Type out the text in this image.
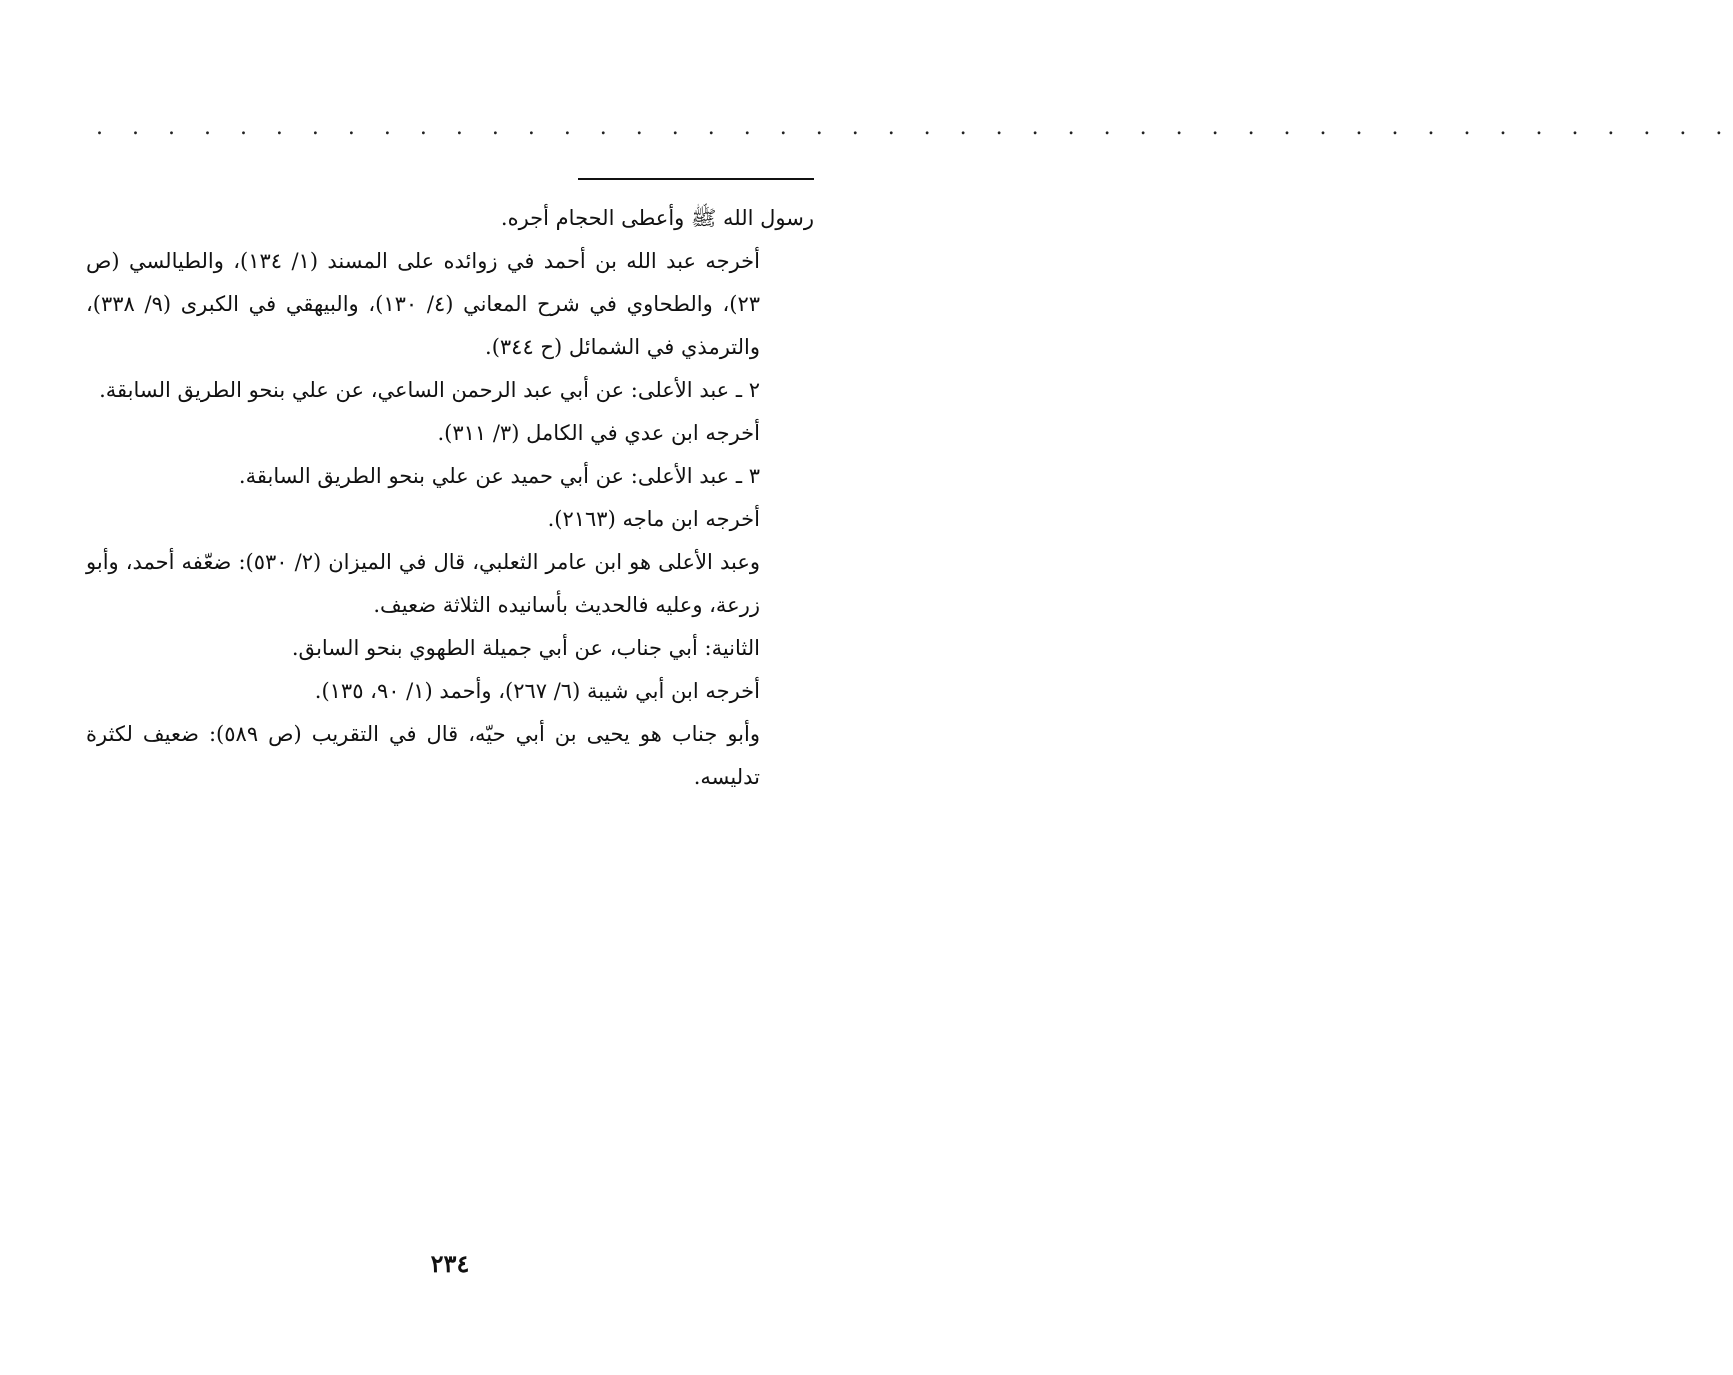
. . . . . . . . . . . . . . . . . . . . . . . . . . . . . . . . . . . . . . . . . . . . . .

رسول الله ﷺ وأعطى الحجام أجره.

أخرجه عبد الله بن أحمد في زوائده على المسند (١/ ١٣٤)، والطيالسي (ص ٢٣)، والطحاوي في شرح المعاني (٤/ ١٣٠)، والبيهقي في الكبرى (٩/ ٣٣٨)، والترمذي في الشمائل (ح ٣٤٤).

٢ ـ عبد الأعلى: عن أبي عبد الرحمن الساعي، عن علي بنحو الطريق السابقة.

أخرجه ابن عدي في الكامل (٣/ ٣١١).

٣ ـ عبد الأعلى: عن أبي حميد عن علي بنحو الطريق السابقة.

أخرجه ابن ماجه (٢١٦٣).

وعبد الأعلى هو ابن عامر الثعلبي، قال في الميزان (٢/ ٥٣٠): ضعّفه أحمد، وأبو زرعة، وعليه فالحديث بأسانيده الثلاثة ضعيف.

الثانية: أبي جناب، عن أبي جميلة الطهوي بنحو السابق.

أخرجه ابن أبي شيبة (٦/ ٢٦٧)، وأحمد (١/ ٩٠، ١٣٥).

وأبو جناب هو يحيى بن أبي حيّه، قال في التقريب (ص ٥٨٩): ضعيف لكثرة تدليسه.

٢٣٤
